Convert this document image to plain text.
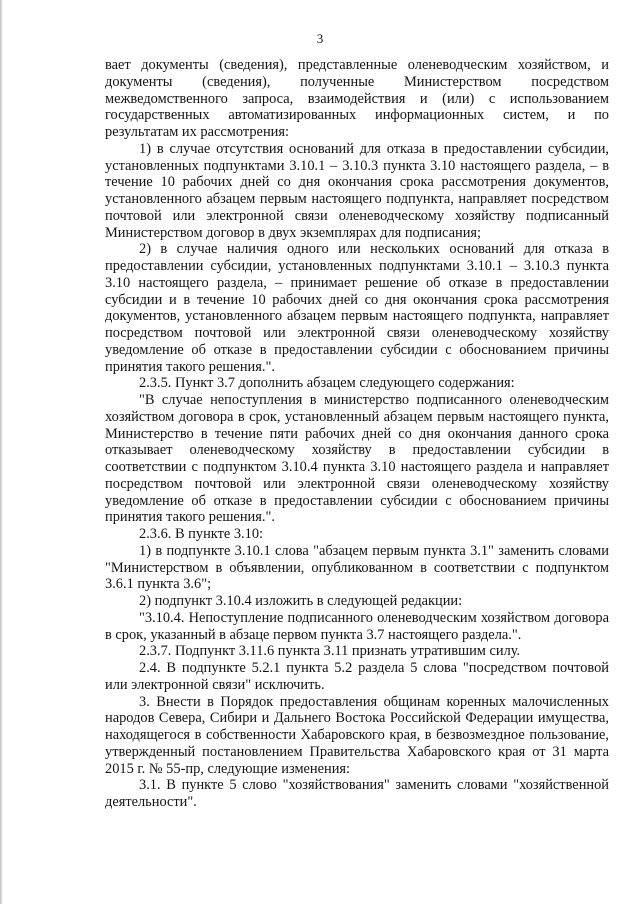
3

вает документы (сведения), представленные оленеводческим хозяйством, и документы (сведения), полученные Министерством посредством межведомственного запроса, взаимодействия и (или) с использованием государственных автоматизированных информационных систем, и по результатам их рассмотрения:

1) в случае отсутствия оснований для отказа в предоставлении субсидии, установленных подпунктами 3.10.1 – 3.10.3 пункта 3.10 настоящего раздела, – в течение 10 рабочих дней со дня окончания срока рассмотрения документов, установленного абзацем первым настоящего подпункта, направляет посредством почтовой или электронной связи оленеводческому хозяйству подписанный Министерством договор в двух экземплярах для подписания;

2) в случае наличия одного или нескольких оснований для отказа в предоставлении субсидии, установленных подпунктами 3.10.1 – 3.10.3 пункта 3.10 настоящего раздела, – принимает решение об отказе в предоставлении субсидии и в течение 10 рабочих дней со дня окончания срока рассмотрения документов, установленного абзацем первым настоящего подпункта, направляет посредством почтовой или электронной связи оленеводческому хозяйству уведомление об отказе в предоставлении субсидии с обоснованием причины принятия такого решения.".

2.3.5. Пункт 3.7 дополнить абзацем следующего содержания:

"В случае непоступления в министерство подписанного оленеводческим хозяйством договора в срок, установленный абзацем первым настоящего пункта, Министерство в течение пяти рабочих дней со дня окончания данного срока отказывает оленеводческому хозяйству в предоставлении субсидии в соответствии с подпунктом 3.10.4 пункта 3.10 настоящего раздела и направляет посредством почтовой или электронной связи оленеводческому хозяйству уведомление об отказе в предоставлении субсидии с обоснованием причины принятия такого решения.".

2.3.6. В пункте 3.10:

1) в подпункте 3.10.1 слова "абзацем первым пункта 3.1" заменить словами "Министерством в объявлении, опубликованном в соответствии с подпунктом 3.6.1 пункта 3.6";

2) подпункт 3.10.4 изложить в следующей редакции:

"3.10.4. Непоступление подписанного оленеводческим хозяйством договора в срок, указанный в абзаце первом пункта 3.7 настоящего раздела.".

2.3.7. Подпункт 3.11.6 пункта 3.11 признать утратившим силу.

2.4. В подпункте 5.2.1 пункта 5.2 раздела 5 слова "посредством почтовой или электронной связи" исключить.

3. Внести в Порядок предоставления общинам коренных малочисленных народов Севера, Сибири и Дальнего Востока Российской Федерации имущества, находящегося в собственности Хабаровского края, в безвозмездное пользование, утвержденный постановлением Правительства Хабаровского края от 31 марта 2015 г. № 55-пр, следующие изменения:

3.1. В пункте 5 слово "хозяйствования" заменить словами "хозяйственной деятельности".
